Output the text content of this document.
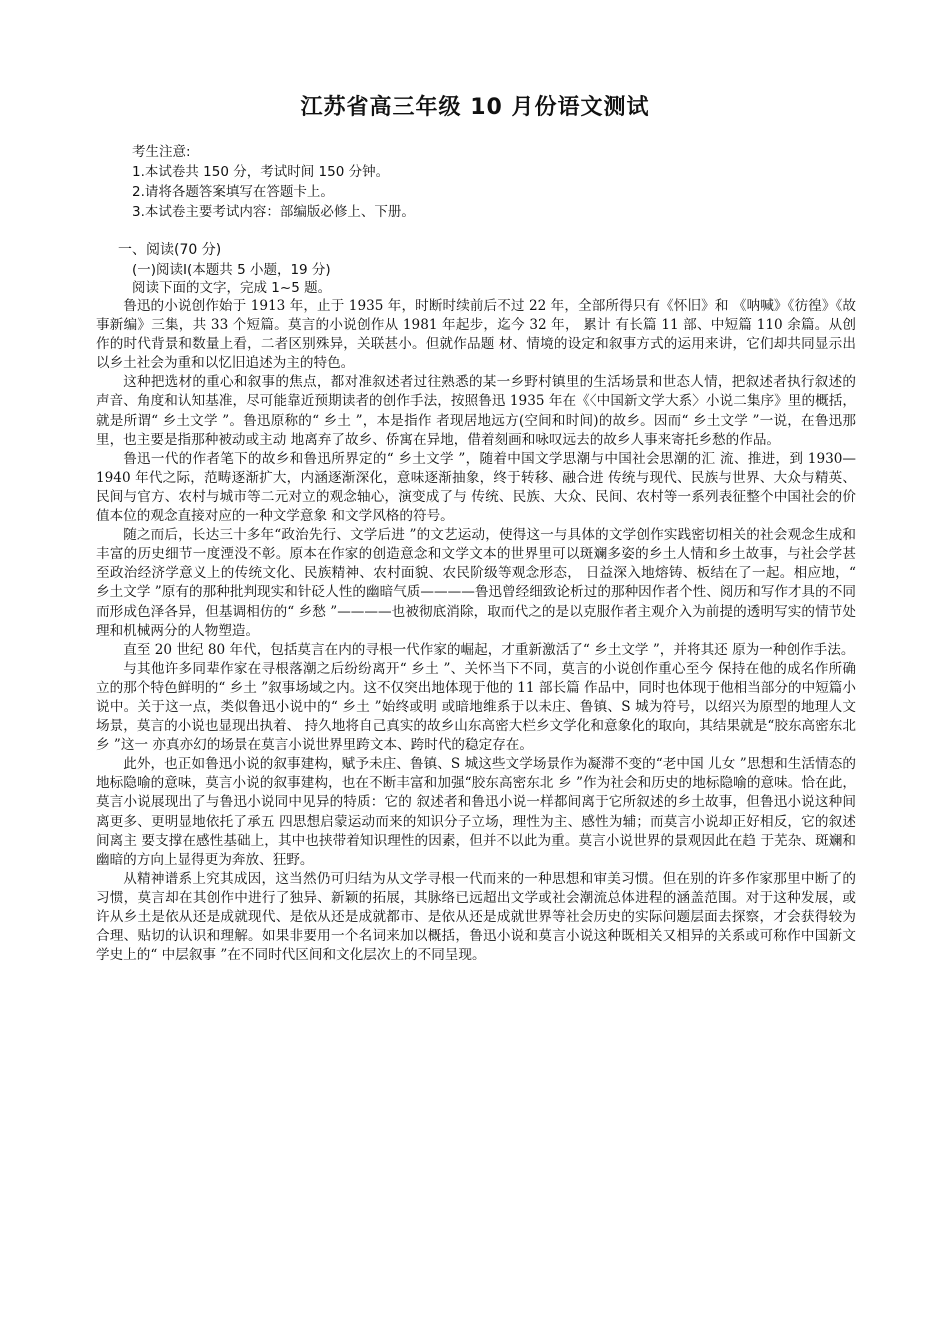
江苏省高三年级 10 月份语文测试
考生注意:
1.本试卷共 150 分，考试时间 150 分钟。
2.请将各题答案填写在答题卡上。
3.本试卷主要考试内容：部编版必修上、下册。
一、阅读(70 分)
(一)阅读Ⅰ(本题共 5 小题，19 分)
阅读下面的文字，完成 1~5 题。

鲁迅的小说创作始于 1913 年，止于 1935 年，时断时续前后不过 22 年，全部所得只有《怀旧》和 《呐喊》《彷徨》《故事新编》三集，共 33 个短篇。莫言的小说创作从 1981 年起步，迄今 32 年， 累计 有长篇 11 部、中短篇 110 余篇。从创作的时代背景和数量上看，二者区别殊异，关联甚小。但就作品题 材、情境的设定和叙事方式的运用来讲，它们却共同显示出以乡土社会为重和以忆旧追述为主的特色。

这种把选材的重心和叙事的焦点，都对准叙述者过往熟悉的某一乡野村镇里的生活场景和世态人情，把叙述者执行叙述的声音、角度和认知基准，尽可能靠近预期读者的创作手法，按照鲁迅 1935 年在《〈中国新文学大系〉小说二集序》里的概括，就是所谓“ 乡土文学 ”。鲁迅原称的“ 乡土 ”，本是指作 者现居地远方(空间和时间)的故乡。因而“ 乡土文学 ”一说，在鲁迅那里，也主要是指那种被动或主动 地离弃了故乡、侨寓在异地，借着刻画和咏叹远去的故乡人事来寄托乡愁的作品。

鲁迅一代的作者笔下的故乡和鲁迅所界定的“ 乡土文学 ”，随着中国文学思潮与中国社会思潮的汇 流、推进，到 1930—1940 年代之际，范畴逐渐扩大，内涵逐渐深化，意味逐渐抽象，终于转移、融合进 传统与现代、民族与世界、大众与精英、民间与官方、农村与城市等二元对立的观念轴心，演变成了与 传统、民族、大众、民间、农村等一系列表征整个中国社会的价值本位的观念直接对应的一种文学意象 和文学风格的符号。

随之而后，长达三十多年“政治先行、文学后进 ”的文艺运动，使得这一与具体的文学创作实践密切相关的社会观念生成和丰富的历史细节一度湮没不彰。原本在作家的创造意念和文学文本的世界里可以斑斓多姿的乡土人情和乡土故事，与社会学甚至政治经济学意义上的传统文化、民族精神、农村面貌、农民阶级等观念形态， 日益深入地熔铸、板结在了一起。相应地，“ 乡土文学 ”原有的那种批判现实和针砭人性的幽暗气质————鲁迅曾经细致论析过的那种因作者个性、阅历和写作才具的不同而形成色泽各异，但基调相仿的“ 乡愁 ”————也被彻底消除，取而代之的是以克服作者主观介入为前提的透明写实的情节处理和机械两分的人物塑造。

直至 20 世纪 80 年代，包括莫言在内的寻根一代作家的崛起，才重新激活了“ 乡土文学 ”，并将其还 原为一种创作手法。

与其他许多同辈作家在寻根落潮之后纷纷离开“ 乡土 ”、关怀当下不同，莫言的小说创作重心至今 保持在他的成名作所确立的那个特色鲜明的“ 乡土 ”叙事场域之内。这不仅突出地体现于他的 11 部长篇 作品中，同时也体现于他相当部分的中短篇小说中。关于这一点，类似鲁迅小说中的“ 乡土 ”始终或明 或暗地维系于以未庄、鲁镇、S 城为符号，以绍兴为原型的地理人文场景，莫言的小说也显现出执着、 持久地将自己真实的故乡山东高密大栏乡文学化和意象化的取向，其结果就是“胶东高密东北乡 ”这一 亦真亦幻的场景在莫言小说世界里跨文本、跨时代的稳定存在。

此外，也正如鲁迅小说的叙事建构，赋予未庄、鲁镇、S 城这些文学场景作为凝滞不变的“老中国 儿女 ”思想和生活情态的地标隐喻的意味，莫言小说的叙事建构，也在不断丰富和加强“胶东高密东北 乡 ”作为社会和历史的地标隐喻的意味。恰在此，莫言小说展现出了与鲁迅小说同中见异的特质：它的 叙述者和鲁迅小说一样都间离于它所叙述的乡土故事，但鲁迅小说这种间离更多、更明显地依托了承五 四思想启蒙运动而来的知识分子立场，理性为主、感性为辅；而莫言小说却正好相反，它的叙述间离主 要支撑在感性基础上，其中也挟带着知识理性的因素，但并不以此为重。莫言小说世界的景观因此在趋 于芜杂、斑斓和幽暗的方向上显得更为奔放、狂野。

从精神谱系上究其成因，这当然仍可归结为从文学寻根一代而来的一种思想和审美习惯。但在别的许多作家那里中断了的习惯，莫言却在其创作中进行了独异、新颖的拓展，其脉络已远超出文学或社会潮流总体进程的涵盖范围。对于这种发展，或许从乡土是依从还是成就现代、是依从还是成就都市、是依从还是成就世界等社会历史的实际问题层面去探察，才会获得较为合理、贴切的认识和理解。如果非要用一个名词来加以概括，鲁迅小说和莫言小说这种既相关又相异的关系或可称作中国新文学史上的“ 中层叙事 ”在不同时代区间和文化层次上的不同呈现。
